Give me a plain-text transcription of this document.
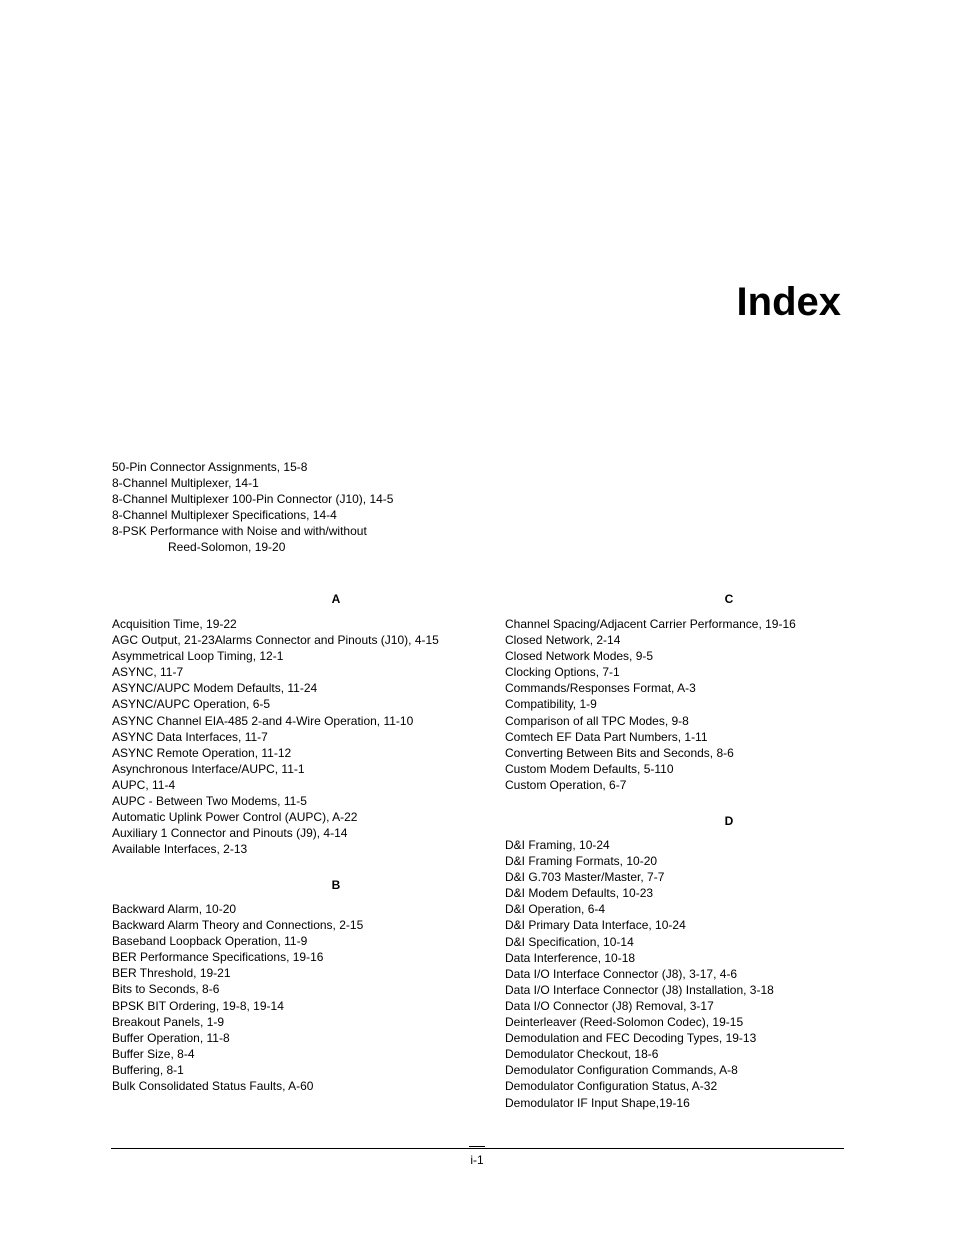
Index
50-Pin Connector Assignments, 15-8
8-Channel Multiplexer, 14-1
8-Channel Multiplexer 100-Pin Connector (J10), 14-5
8-Channel Multiplexer Specifications, 14-4
8-PSK Performance with Noise and with/without
Reed-Solomon, 19-20
A
Acquisition Time, 19-22
AGC Output, 21-23Alarms Connector and Pinouts (J10), 4-15
Asymmetrical Loop Timing, 12-1
ASYNC, 11-7
ASYNC/AUPC Modem Defaults, 11-24
ASYNC/AUPC Operation, 6-5
ASYNC Channel EIA-485 2-and 4-Wire Operation, 11-10
ASYNC Data Interfaces, 11-7
ASYNC Remote Operation, 11-12
Asynchronous Interface/AUPC, 11-1
AUPC, 11-4
AUPC - Between Two Modems, 11-5
Automatic Uplink Power Control (AUPC), A-22
Auxiliary 1 Connector and Pinouts (J9), 4-14
Available Interfaces, 2-13
B
Backward Alarm, 10-20
Backward Alarm Theory and Connections, 2-15
Baseband Loopback Operation, 11-9
BER Performance Specifications, 19-16
BER Threshold, 19-21
Bits to Seconds, 8-6
BPSK BIT Ordering, 19-8, 19-14
Breakout Panels, 1-9
Buffer Operation, 11-8
Buffer Size, 8-4
Buffering, 8-1
Bulk Consolidated Status Faults, A-60
C
Channel Spacing/Adjacent Carrier Performance, 19-16
Closed Network, 2-14
Closed Network Modes, 9-5
Clocking Options, 7-1
Commands/Responses Format, A-3
Compatibility, 1-9
Comparison of all TPC Modes, 9-8
Comtech EF Data Part Numbers, 1-11
Converting Between Bits and Seconds, 8-6
Custom Modem Defaults, 5-110
Custom Operation, 6-7
D
D&I Framing, 10-24
D&I Framing Formats, 10-20
D&I G.703 Master/Master, 7-7
D&I Modem Defaults, 10-23
D&I Operation, 6-4
D&I Primary Data Interface, 10-24
D&I Specification, 10-14
Data Interference, 10-18
Data I/O Interface Connector (J8), 3-17, 4-6
Data I/O Interface Connector (J8) Installation, 3-18
Data I/O Connector (J8) Removal, 3-17
Deinterleaver (Reed-Solomon Codec), 19-15
Demodulation and FEC Decoding Types, 19-13
Demodulator Checkout, 18-6
Demodulator Configuration Commands, A-8
Demodulator Configuration Status, A-32
Demodulator IF Input Shape,19-16
i-1
